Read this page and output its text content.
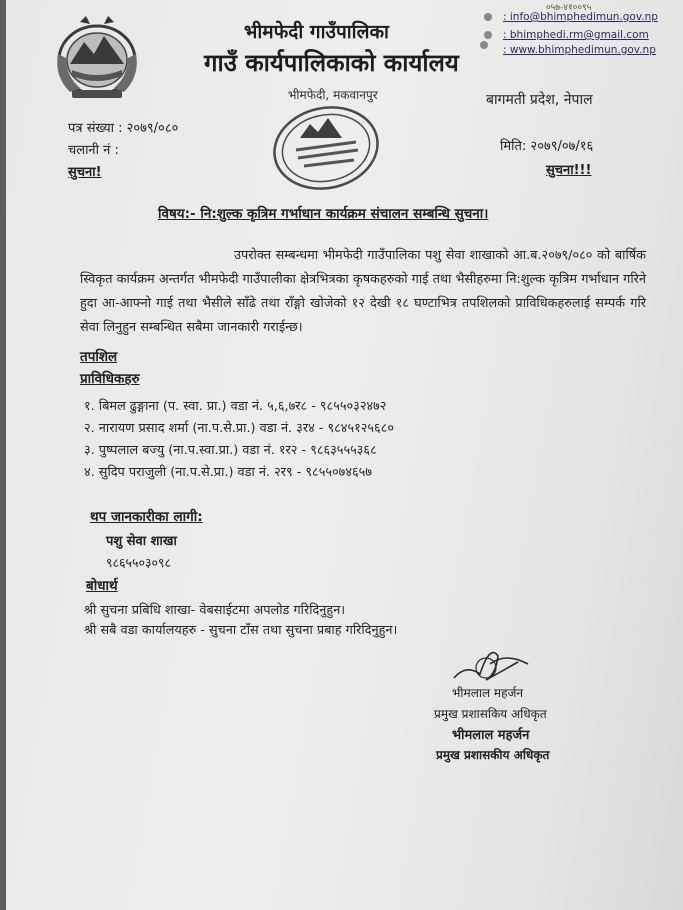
भीमफेदी गाउँपालिका
गाउँ कार्यपालिकाको कार्यालय
भीमफेदी, मकवानपुर	बागमती प्रदेश, नेपाल
०५७-४१००९५
: info@bhimphedimun.gov.np
: bhimphedi.rm@gmail.com
: www.bhimphedimun.gov.np
पत्र संख्या : २०७९/०८०
चलानी नं :	मिति: २०७९/०७/१६
सुचना!	सुचना!!!
विषय:- नि:शुल्क कृत्रिम गर्भाधान कार्यक्रम संचालन सम्बन्धि सुचना।
उपरोक्त सम्बन्धमा भीमफेदी गाउँपालिका पशु सेवा शाखाको आ.ब.२०७९/०८० को बार्षिक स्विकृत कार्यक्रम अन्तर्गत भीमफेदी गाउँपालीका क्षेत्रभित्रका कृषकहरुको गाई तथा भैसीहरुमा नि:शुल्क कृत्रिम गर्भाधान गरिने हुदा आ-आफ्नो गाई तथा भैसीले साँढे तथा राँङ्गो खोजेको १२ देखी १८ घण्टाभित्र तपशिलको प्राविधिकहरुलाई सम्पर्क गरि सेवा लिनुहुन सम्बन्धित सबैमा जानकारी गराईन्छ।
तपशिल
प्राविधिकहरु
१. बिमल ढुङ्गाना (प. स्वा. प्रा.) वडा नं. ५,६,७र८ - ९८५५०३२४७२
२. नारायण प्रसाद शर्मा (ना.प.से.प्रा.) वडा नं. ३र४ - ९८४५१२५६८०
३. पुष्पलाल बज्यु (ना.प.स्वा.प्रा.) वडा नं. १र२ - ९८६३५५५३६८
४. सुदिप पराजुली (ना.प.से.प्रा.) वडा नं. २र९ - ९८५५०७४६५७
थप जानकारीका लागी:
पशु सेवा शाखा
९८६५५०३०९८
बोधार्थ
श्री सुचना प्रबिधि शाखा- वेबसाईटमा अपलोड गरिदिनुहुन।
श्री सबै वडा कार्यालयहरु - सुचना टाँस तथा सुचना प्रबाह गरिदिनुहुन।
भीमलाल महर्जन
प्रमुख प्रशासकिय अधिकृत
भीमलाल महर्जन
प्रमुख प्रशासकीय अधिकृत
